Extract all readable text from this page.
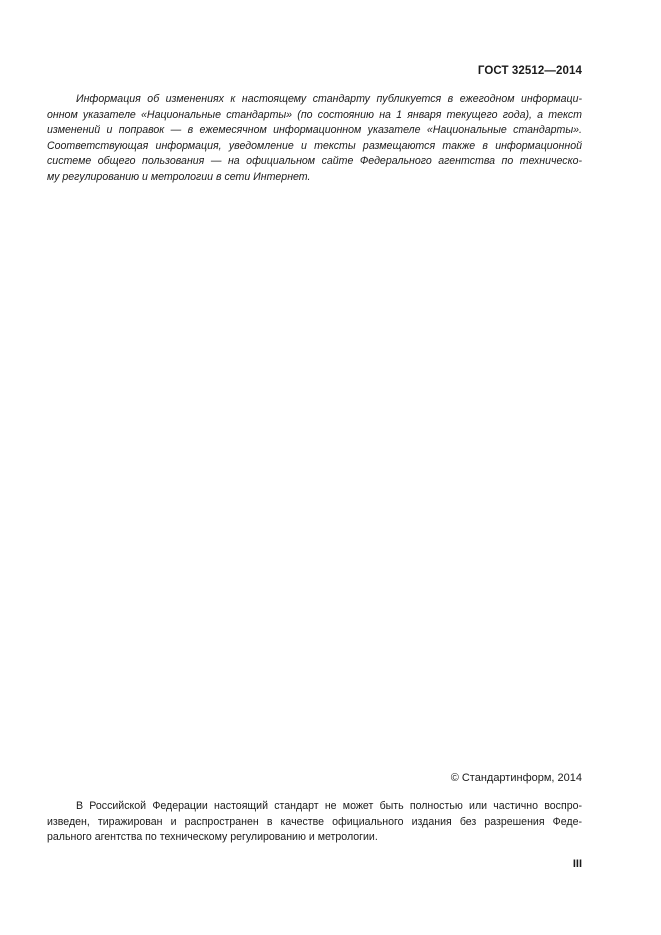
ГОСТ 32512—2014
Информация об изменениях к настоящему стандарту публикуется в ежегодном информаци-
онном указателе «Национальные стандарты» (по состоянию на 1 января текущего года), а текст
изменений и поправок — в ежемесячном информационном указателе «Национальные стандарты».
Соответствующая информация, уведомление и тексты размещаются также в информационной
системе общего пользования — на официальном сайте Федерального агентства по техническо-
му регулированию и метрологии в сети Интернет.
© Стандартинформ, 2014
В Российской Федерации настоящий стандарт не может быть полностью или частично воспро-
изведен, тиражирован и распространен в качестве официального издания без разрешения Феде-
рального агентства по техническому регулированию и метрологии.
III
